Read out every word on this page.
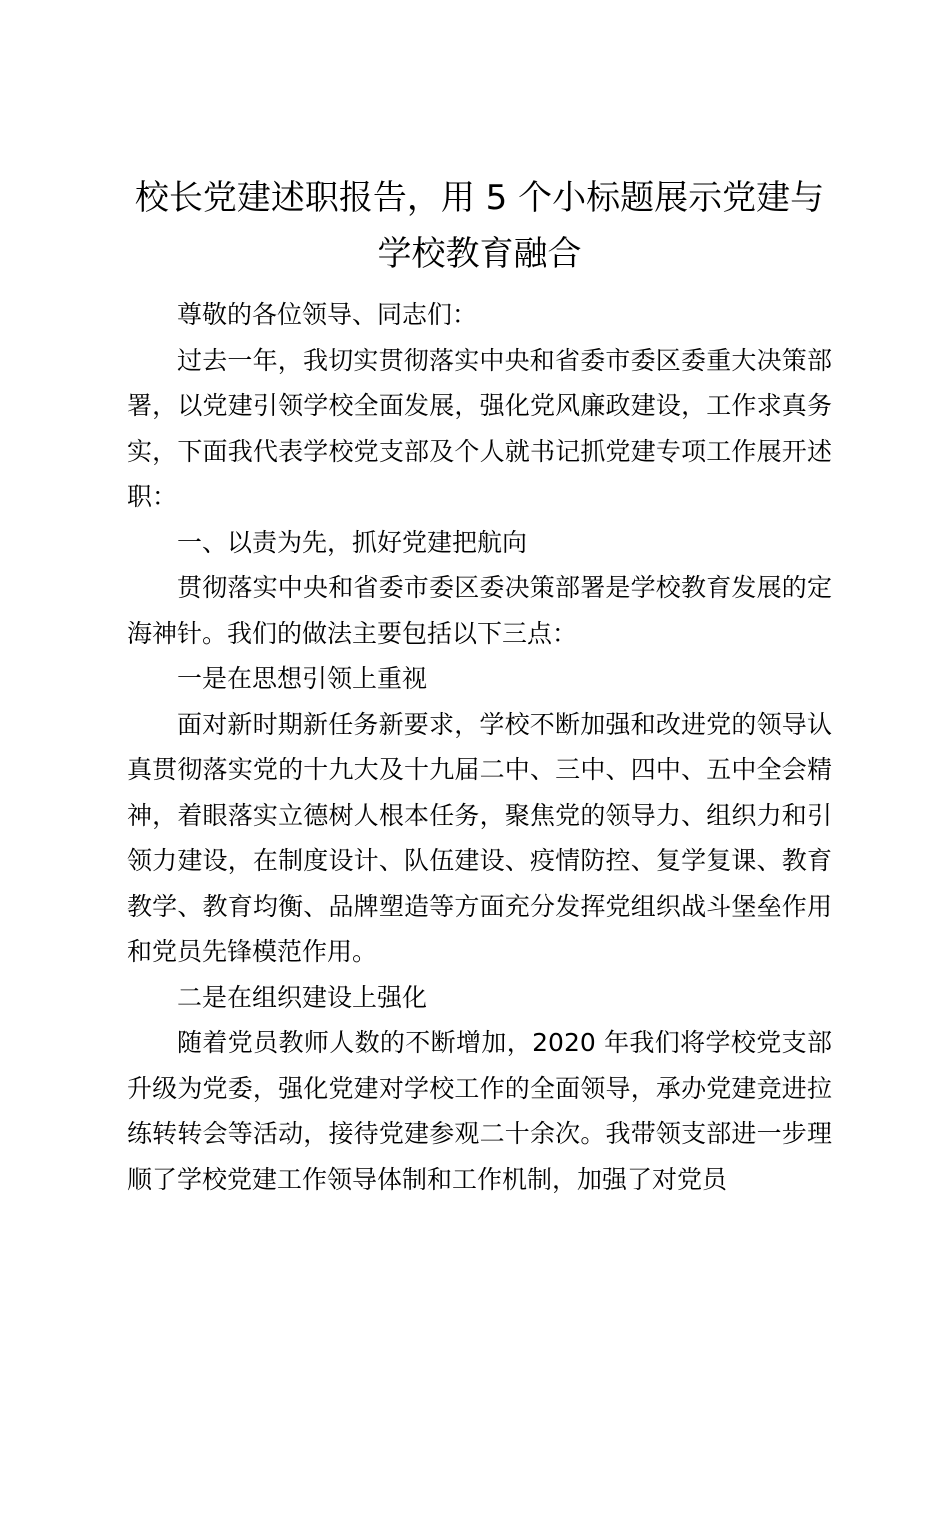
校长党建述职报告，用 5 个小标题展示党建与学校教育融合

尊敬的各位领导、同志们：

过去一年，我切实贯彻落实中央和省委市委区委重大决策部署，以党建引领学校全面发展，强化党风廉政建设，工作求真务实，下面我代表学校党支部及个人就书记抓党建专项工作展开述职：

一、以责为先，抓好党建把航向

贯彻落实中央和省委市委区委决策部署是学校教育发展的定海神针。我们的做法主要包括以下三点：

一是在思想引领上重视

面对新时期新任务新要求，学校不断加强和改进党的领导认真贯彻落实党的十九大及十九届二中、三中、四中、五中全会精神，着眼落实立德树人根本任务，聚焦党的领导力、组织力和引领力建设，在制度设计、队伍建设、疫情防控、复学复课、教育教学、教育均衡、品牌塑造等方面充分发挥党组织战斗堡垒作用和党员先锋模范作用。

二是在组织建设上强化

随着党员教师人数的不断增加，2020 年我们将学校党支部升级为党委，强化党建对学校工作的全面领导，承办党建竞进拉练转转会等活动，接待党建参观二十余次。我带领支部进一步理顺了学校党建工作领导体制和工作机制，加强了对党员
